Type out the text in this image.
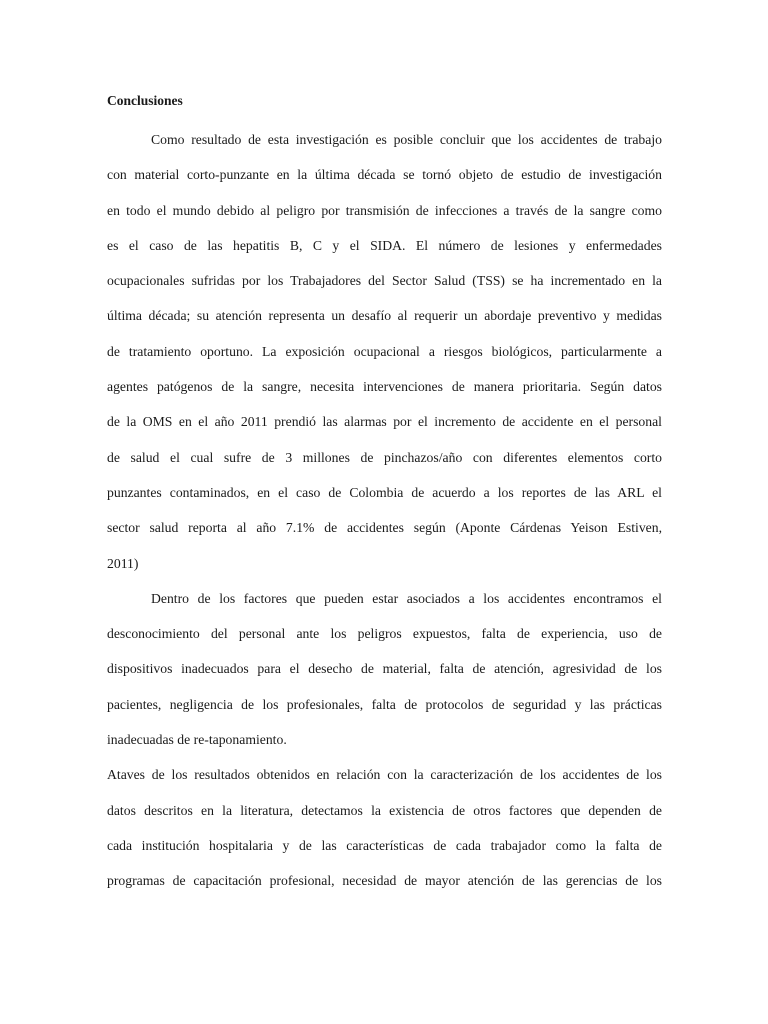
Conclusiones
Como resultado de esta investigación es posible concluir que los accidentes de trabajo
con material corto-punzante en la última década se tornó objeto de estudio de investigación
en todo el mundo debido al peligro por transmisión de infecciones a través de la sangre como
es el caso de las hepatitis B, C y el SIDA. El número de lesiones y enfermedades
ocupacionales sufridas por los Trabajadores del Sector Salud (TSS) se ha incrementado en la
última década; su atención representa un desafío al requerir un abordaje preventivo y medidas
de tratamiento oportuno. La exposición ocupacional a riesgos biológicos, particularmente a
agentes patógenos de la sangre, necesita intervenciones de manera prioritaria. Según datos
de la OMS en el año 2011 prendió las alarmas por el incremento de accidente en el personal
de salud el cual sufre de 3 millones de pinchazos/año con diferentes elementos corto
punzantes contaminados, en el caso de Colombia de acuerdo a los reportes de las ARL el
sector salud reporta al año 7.1% de accidentes según (Aponte Cárdenas Yeison Estiven,
2011)
Dentro de los factores que pueden estar asociados a los accidentes encontramos el
desconocimiento del personal ante los peligros expuestos, falta de experiencia, uso de
dispositivos inadecuados para el desecho de material, falta de atención, agresividad de los
pacientes, negligencia de los profesionales, falta de protocolos de seguridad y las prácticas
inadecuadas de re-taponamiento.
Ataves de los resultados obtenidos en relación con la caracterización de los accidentes de los
datos descritos en la literatura, detectamos la existencia de otros factores que dependen de
cada institución hospitalaria y de las características de cada trabajador como la falta de
programas de capacitación profesional, necesidad de mayor atención de las gerencias de los
